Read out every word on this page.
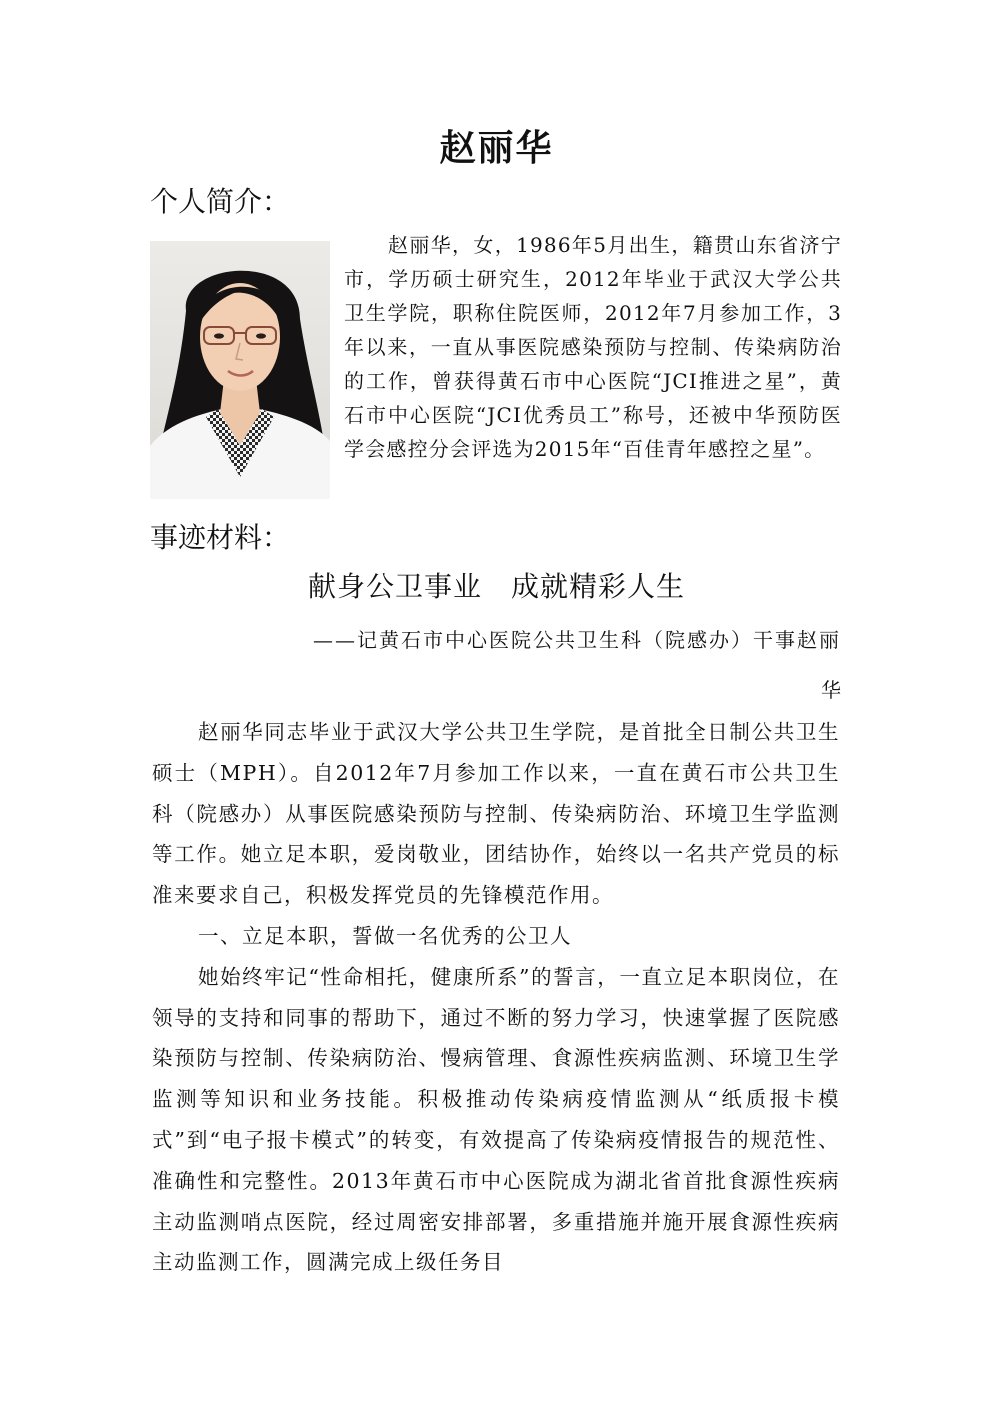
赵丽华
个人简介：

赵丽华，女，1986年5月出生，籍贯山东省济宁市，学历硕士研究生，2012年毕业于武汉大学公共卫生学院，职称住院医师，2012年7月参加工作，3年以来，一直从事医院感染预防与控制、传染病防治的工作，曾获得黄石市中心医院“JCI推进之星”，黄石市中心医院“JCI优秀员工”称号，还被中华预防医学会感控分会评选为2015年“百佳青年感控之星”。

事迹材料：
献身公卫事业　成就精彩人生

——记黄石市中心医院公共卫生科（院感办）干事赵丽

华

赵丽华同志毕业于武汉大学公共卫生学院，是首批全日制公共卫生硕士（MPH）。自2012年7月参加工作以来，一直在黄石市公共卫生科（院感办）从事医院感染预防与控制、传染病防治、环境卫生学监测等工作。她立足本职，爱岗敬业，团结协作，始终以一名共产党员的标准来要求自己，积极发挥党员的先锋模范作用。

一、立足本职，誓做一名优秀的公卫人

她始终牢记“性命相托，健康所系”的誓言，一直立足本职岗位，在领导的支持和同事的帮助下，通过不断的努力学习，快速掌握了医院感染预防与控制、传染病防治、慢病管理、食源性疾病监测、环境卫生学监测等知识和业务技能。积极推动传染病疫情监测从“纸质报卡模式”到“电子报卡模式”的转变，有效提高了传染病疫情报告的规范性、准确性和完整性。2013年黄石市中心医院成为湖北省首批食源性疾病主动监测哨点医院，经过周密安排部署，多重措施并施开展食源性疾病主动监测工作，圆满完成上级任务目
